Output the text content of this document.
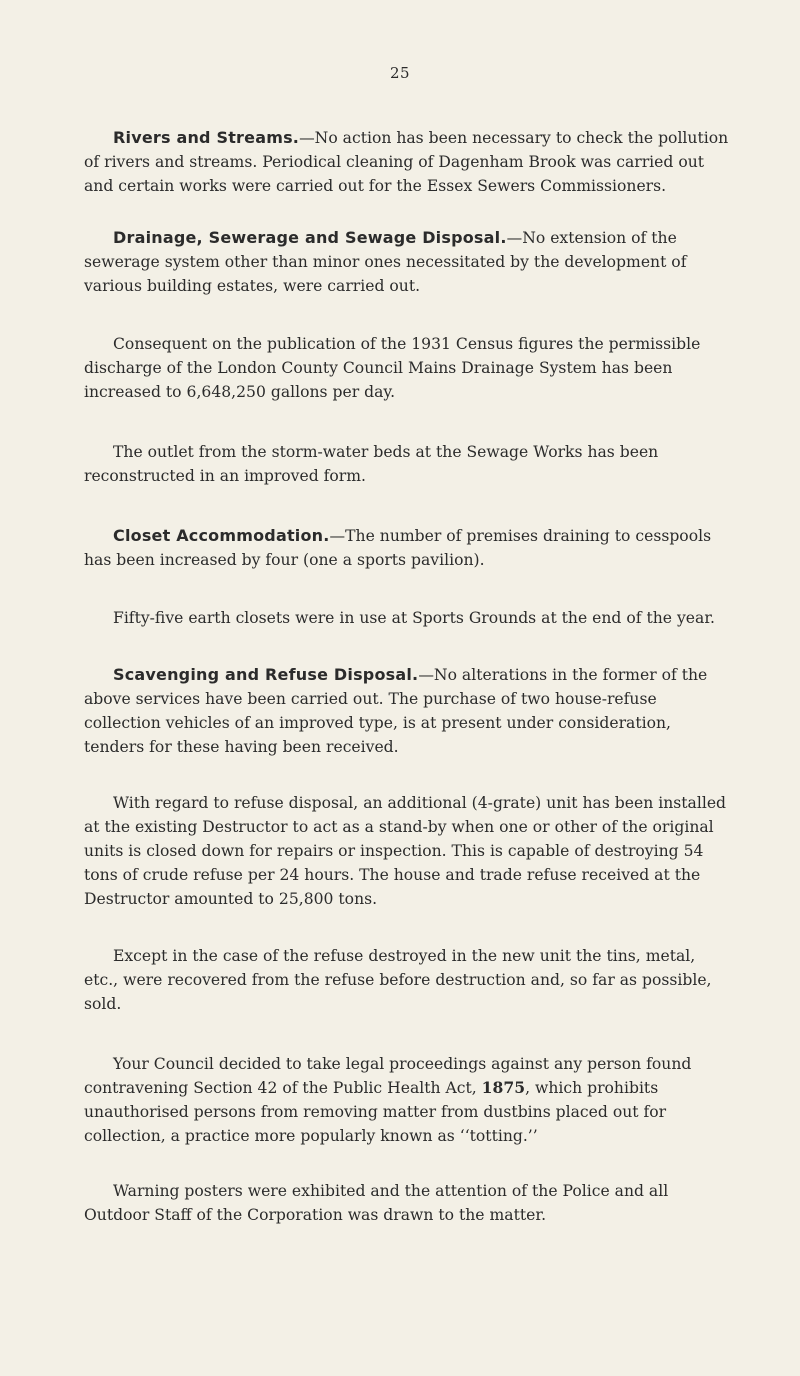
25

Rivers and Streams.—No action has been necessary to check the pollution of rivers and streams. Periodical cleaning of Dagenham Brook was carried out and certain works were carried out for the Essex Sewers Commissioners.

Drainage, Sewerage and Sewage Disposal.—No extension of the sewerage system other than minor ones necessitated by the development of various building estates, were carried out.

Consequent on the publication of the 1931 Census figures the permissible discharge of the London County Council Mains Drainage System has been increased to 6,648,250 gallons per day.

The outlet from the storm-water beds at the Sewage Works has been reconstructed in an improved form.

Closet Accommodation.—The number of premises draining to cesspools has been increased by four (one a sports pavilion).

Fifty-five earth closets were in use at Sports Grounds at the end of the year.

Scavenging and Refuse Disposal.—No alterations in the former of the above services have been carried out. The purchase of two house-refuse collection vehicles of an improved type, is at present under consideration, tenders for these having been received.

With regard to refuse disposal, an additional (4-grate) unit has been installed at the existing Destructor to act as a stand-by when one or other of the original units is closed down for repairs or inspection. This is capable of destroying 54 tons of crude refuse per 24 hours. The house and trade refuse received at the Destructor amounted to 25,800 tons.

Except in the case of the refuse destroyed in the new unit the tins, metal, etc., were recovered from the refuse before destruction and, so far as possible, sold.

Your Council decided to take legal proceedings against any person found contravening Section 42 of the Public Health Act, 1875, which prohibits unauthorised persons from removing matter from dustbins placed out for collection, a practice more popularly known as ‘‘totting.’’

Warning posters were exhibited and the attention of the Police and all Outdoor Staff of the Corporation was drawn to the matter.
